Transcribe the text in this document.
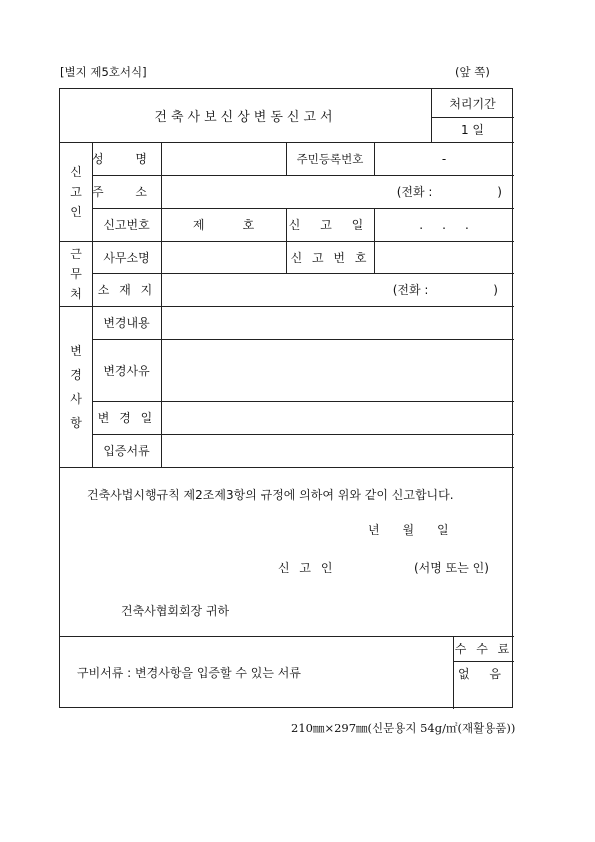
[별지 제5호서식]	(앞 쪽)
건축사보신상변동신고서
처리기간
1 일
신
고
인
성 명	주민등록번호	-
주 소	(전화 :                 )
신고번호	제          호	신 고 일	.     .     .
근
무
처
사무소명	신 고 번 호
소 재 지	(전화 :                 )
변
경
사
항
변경내용
변경사유
변 경 일
입증서류
건축사법시행규칙 제2조제3항의 규정에 의하여 위와 같이 신고합니다.
년      월      일
신 고 인	(서명 또는 인)
건축사협회회장 귀하
구비서류 : 변경사항을 입증할 수 있는 서류
수 수 료
없 음
210㎜×297㎜(신문용지 54g/㎡(재활용품))
